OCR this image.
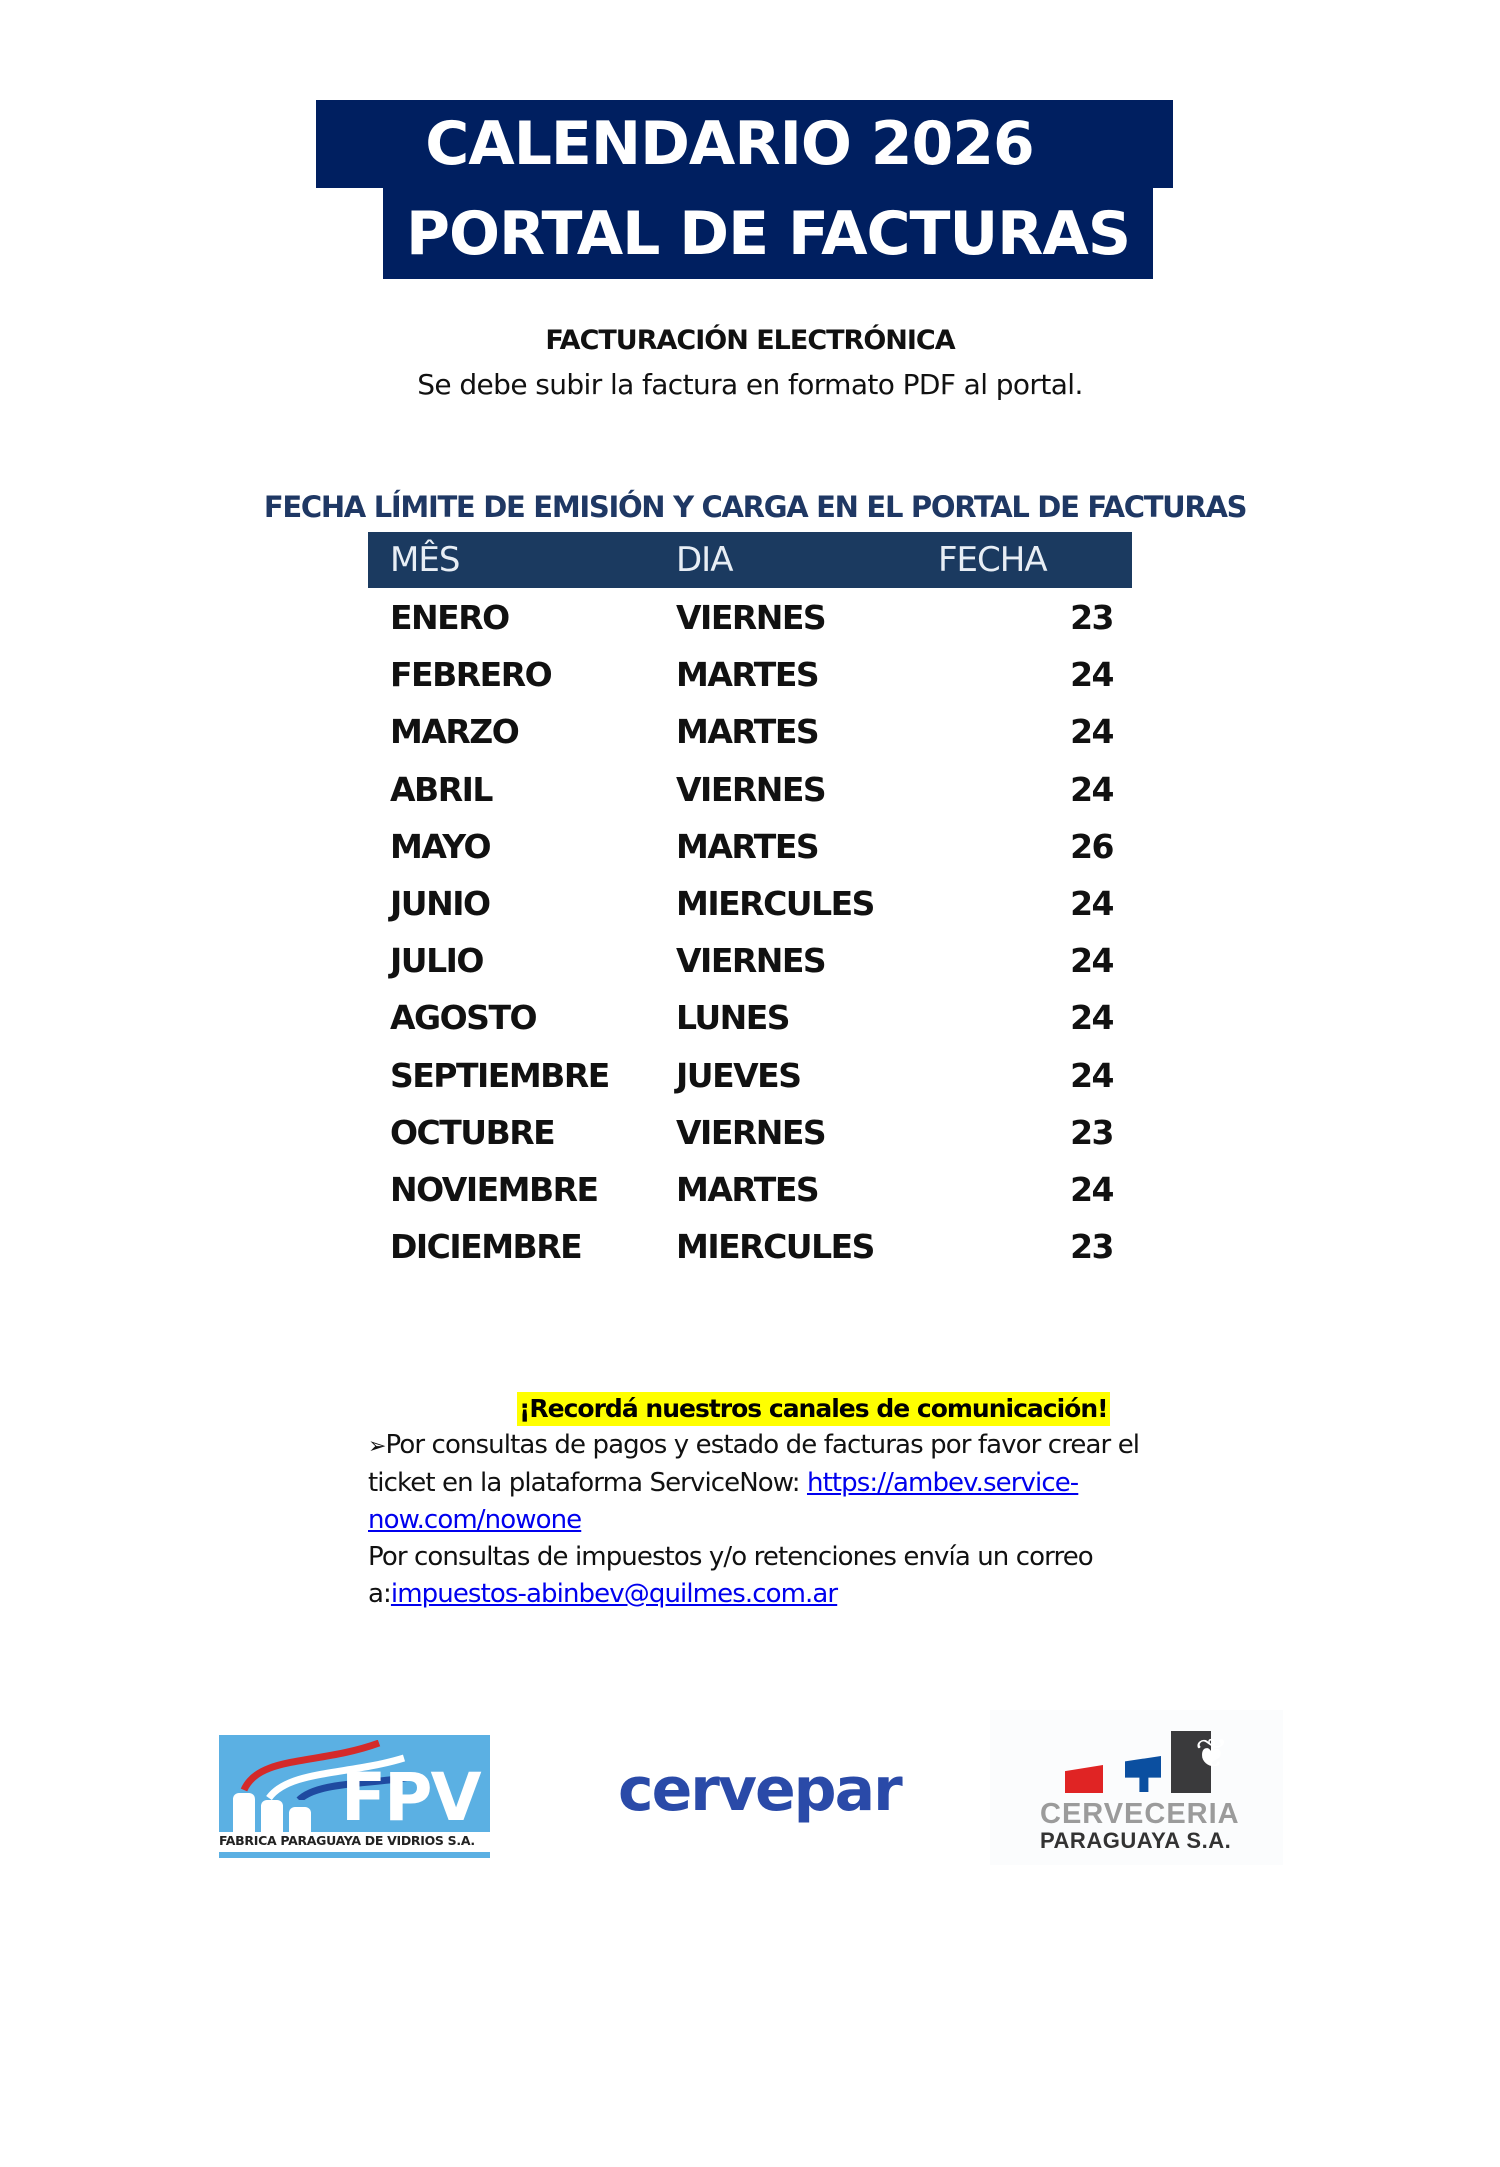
CALENDARIO 2026
PORTAL DE FACTURAS
FACTURACIÓN ELECTRÓNICA
Se debe subir la factura en formato PDF al portal.
FECHA LÍMITE DE EMISIÓN Y CARGA EN EL PORTAL DE FACTURAS
MÊS	DIA	FECHA
ENERO	VIERNES	23
FEBRERO	MARTES	24
MARZO	MARTES	24
ABRIL	VIERNES	24
MAYO	MARTES	26
JUNIO	MIERCULES	24
JULIO	VIERNES	24
AGOSTO	LUNES	24
SEPTIEMBRE JUEVES	24
OCTUBRE	VIERNES	23
NOVIEMBRE MARTES	24
DICIEMBRE	MIERCULES	23
¡Recordá nuestros canales de comunicación!
➢Por consultas de pagos y estado de facturas por favor crear el ticket en la plataforma ServiceNow: https://ambev.service-now.com/nowone
Por consultas de impuestos y/o retenciones envía un correo a:impuestos-abinbev@quilmes.com.ar
FPV
FABRICA PARAGUAYA DE VIDRIOS S.A.
cervepar
❦
CERVECERIA
PARAGUAYA S.A.
